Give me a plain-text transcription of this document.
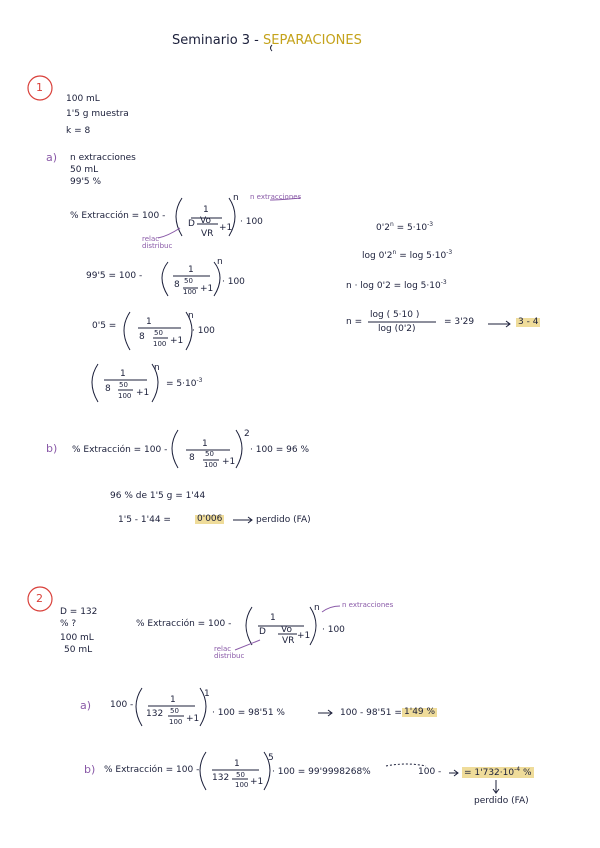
Seminario 3 - SEPARACIONES
1
100 mL
1'5 g muestra
k = 8
a) n extracciones
50 mL
99'5 %
% Extracción = 100 -
1
D Vo
VR
+1
n
· 100
n extracciones
relac distribuc
99'5 = 100 -
1
8 50
100 +1
n
· 100
0'5 =	1
8 50
100 +1
n
· 100
1
8 50
100 +1
n
= $5\cdot 10^{-3}$
$0'2^n = 5\cdot 10^{-3}$
$\log 0'2^n = \log 5\cdot 10^{-3}$
$n \cdot \log 0'2 = \log 5\cdot 10^{-3}$
n =
log ( 5·10 )
log (0'2)
= 3'29	3 - 4
b) % Extracción = 100 -
1
8 50
100 +1
2
· 100 = 96 %
96 % de 1'5 g = 1'44
1'5 - 1'44 =	0'006	perdido (FA)
2
D = 132
% ?
100 mL
50 mL
% Extracción = 100 -
1
D Vo
VR +1
n
· 100
n extracciones
relac distribuc
a) 100 -	1
132 50
100 +1
1
· 100 = 98'51 %	100 - 98'51 = 1'49 %
b) % Extracción = 100 -
1
132 50
100 +1
5
· 100 = 99'9998268%	100 -	= $1'732\cdot 10^{-4}$ %
perdido (FA)
